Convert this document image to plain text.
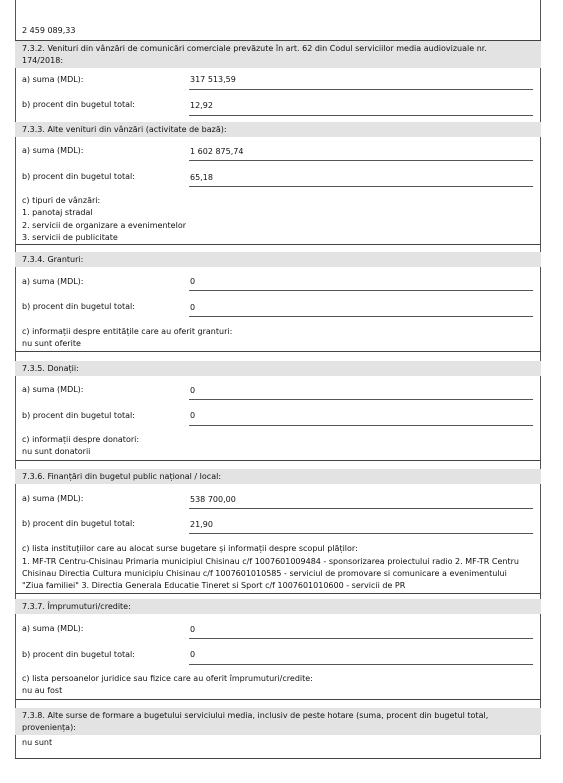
2 459 089,33
7.3.2. Venituri din vânzări de comunicări comerciale prevăzute în art. 62 din Codul serviciilor media audiovizuale nr.
174/2018:
a) suma (MDL):	317 513,59
b) procent din bugetul total:	12,92
7.3.3. Alte venituri din vânzări (activitate de bază):
a) suma (MDL):	1 602 875,74
b) procent din bugetul total:	65,18
c) tipuri de vânzări:
1. panotaj stradal
2. servicii de organizare a evenimentelor
3. servicii de publicitate
7.3.4. Granturi:
a) suma (MDL):	0
b) procent din bugetul total:	0
c) informații despre entitățile care au oferit granturi:
nu sunt oferite
7.3.5. Donații:
a) suma (MDL):	0
b) procent din bugetul total:	0
c) informații despre donatori:
nu sunt donatorii
7.3.6. Finanțări din bugetul public național / local:
a) suma (MDL):	538 700,00
b) procent din bugetul total:	21,90
c) lista instituțiilor care au alocat surse bugetare și informații despre scopul plăților:
1. MF-TR Centru-Chisinau Primaria municipiul Chisinau c/f 1007601009484 - sponsorizarea proiectului radio 2. MF-TR Centru
Chisinau Directia Cultura municipiu Chisinau c/f 1007601010585 - serviciul de promovare si comunicare a evenimentului
"Ziua familiei" 3. Directia Generala Educatie Tineret si Sport c/f 1007601010600 - servicii de PR
7.3.7. Împrumuturi/credite:
a) suma (MDL):	0
b) procent din bugetul total:	0
c) lista persoanelor juridice sau fizice care au oferit împrumuturi/credite:
nu au fost
7.3.8. Alte surse de formare a bugetului serviciului media, inclusiv de peste hotare (suma, procent din bugetul total,
proveniența):
nu sunt
